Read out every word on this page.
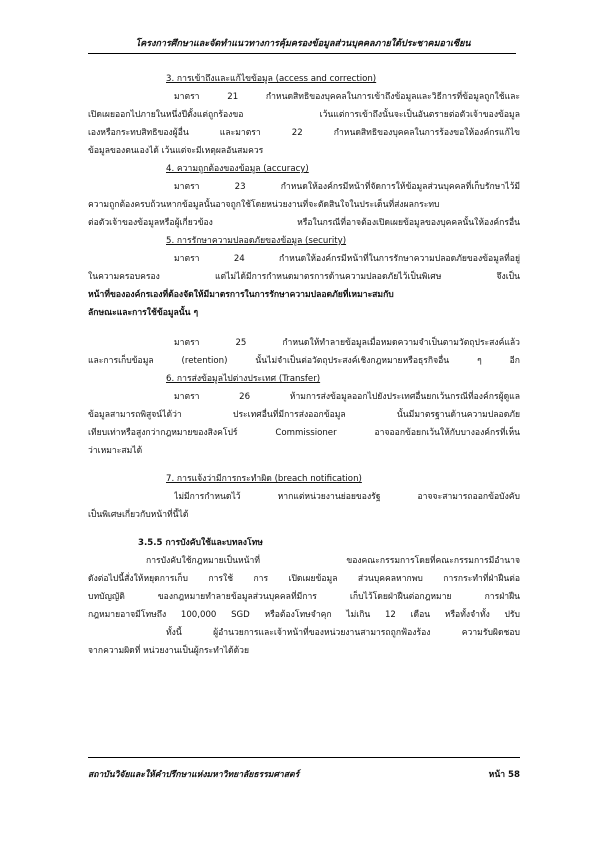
โครงการศึกษาและจัดทำแนวทางการคุ้มครองข้อมูลส่วนบุคคลภายใต้ประชาคมอาเซียน
3. การเข้าถึงและแก้ไขข้อมูล (access and correction)
มาตรา 21 กำหนดสิทธิของบุคคลในการเข้าถึงข้อมูลและวิธีการที่ข้อมูลถูกใช้และ
เปิดเผยออกไปภายในหนึ่งปีตั้งแต่ถูกร้องขอ เว้นแต่การเข้าถึงนั้นจะเป็นอันตรายต่อตัวเจ้าของข้อมูล
เองหรือกระทบสิทธิของผู้อื่น และมาตรา 22 กำหนดสิทธิของบุคคลในการร้องขอให้องค์กรแก้ไข
ข้อมูลของตนเองได้ เว้นแต่จะมีเหตุผลอันสมควร
4. ความถูกต้องของข้อมูล (accuracy)
มาตรา 23 กำหนดให้องค์กรมีหน้าที่จัดการให้ข้อมูลส่วนบุคคลที่เก็บรักษาไว้มี
ความถูกต้องครบถ้วนหากข้อมูลนั้นอาจถูกใช้โดยหน่วยงานที่จะตัดสินใจในประเด็นที่ส่งผลกระทบ
ต่อตัวเจ้าของข้อมูลหรือผู้เกี่ยวข้อง หรือในกรณีที่อาจต้องเปิดเผยข้อมูลของบุคคลนั้นให้องค์กรอื่น
5. การรักษาความปลอดภัยของข้อมูล (security)
มาตรา 24 กำหนดให้องค์กรมีหน้าที่ในการรักษาความปลอดภัยของข้อมูลที่อยู่
ในความครอบครอง แต่ไม่ได้มีการกำหนดมาตรการด้านความปลอดภัยไว้เป็นพิเศษ จึงเป็น
หน้าที่ขององค์กรเองที่ต้องจัดให้มีมาตรการในการรักษาความปลอดภัยที่เหมาะสมกับ
ลักษณะและการใช้ข้อมูลนั้น ๆ
มาตรา 25 กำหนดให้ทำลายข้อมูลเมื่อหมดความจำเป็นตามวัตถุประสงค์แล้ว
และการเก็บข้อมูล (retention) นั้นไม่จำเป็นต่อวัตถุประสงค์เชิงกฎหมายหรือธุรกิจอื่น ๆ อีก
6. การส่งข้อมูลไปต่างประเทศ (Transfer)
มาตรา 26 ห้ามการส่งข้อมูลออกไปยังประเทศอื่นยกเว้นกรณีที่องค์กรผู้ดูแล
ข้อมูลสามารถพิสูจน์ได้ว่า ประเทศอื่นที่มีการส่งออกข้อมูล นั้นมีมาตรฐานด้านความปลอดภัย
เทียบเท่าหรือสูงกว่ากฎหมายของสิงคโปร์ Commissioner อาจออกข้อยกเว้นให้กับบางองค์กรที่เห็น
ว่าเหมาะสมได้
7. การแจ้งว่ามีการกระทำผิด (breach notification)
ไม่มีการกำหนดไว้ หากแต่หน่วยงานย่อยของรัฐ อาจจะสามารถออกข้อบังคับ
เป็นพิเศษเกี่ยวกับหน้าที่นี้ได้
3.5.5 การบังคับใช้และบทลงโทษ
การบังคับใช้กฎหมายเป็นหน้าที่ ของคณะกรรมการโดยที่คณะกรรมการมีอำนาจ
ดังต่อไปนี้สั่งให้หยุดการเก็บ การใช้ การ เปิดเผยข้อมูล ส่วนบุคคลหากพบ การกระทำที่ฝ่าฝืนต่อ
บทบัญญัติ ของกฎหมายทำลายข้อมูลส่วนบุคคลที่มีการ เก็บไว้โดยฝ่าฝืนต่อกฎหมาย การฝ่าฝืน
กฎหมายอาจมีโทษถึง 100,000 SGD หรือต้องโทษจำคุก ไม่เกิน 12 เดือน หรือทั้งจำทั้ง ปรับ
ทั้งนี้ ผู้อำนวยการและเจ้าหน้าที่ของหน่วยงานสามารถถูกฟ้องร้อง ความรับผิดชอบ
จากความผิดที่ หน่วยงานเป็นผู้กระทำได้ด้วย
สถาบันวิจัยและให้คำปรึกษาแห่งมหาวิทยาลัยธรรมศาสตร์	หน้า 58
